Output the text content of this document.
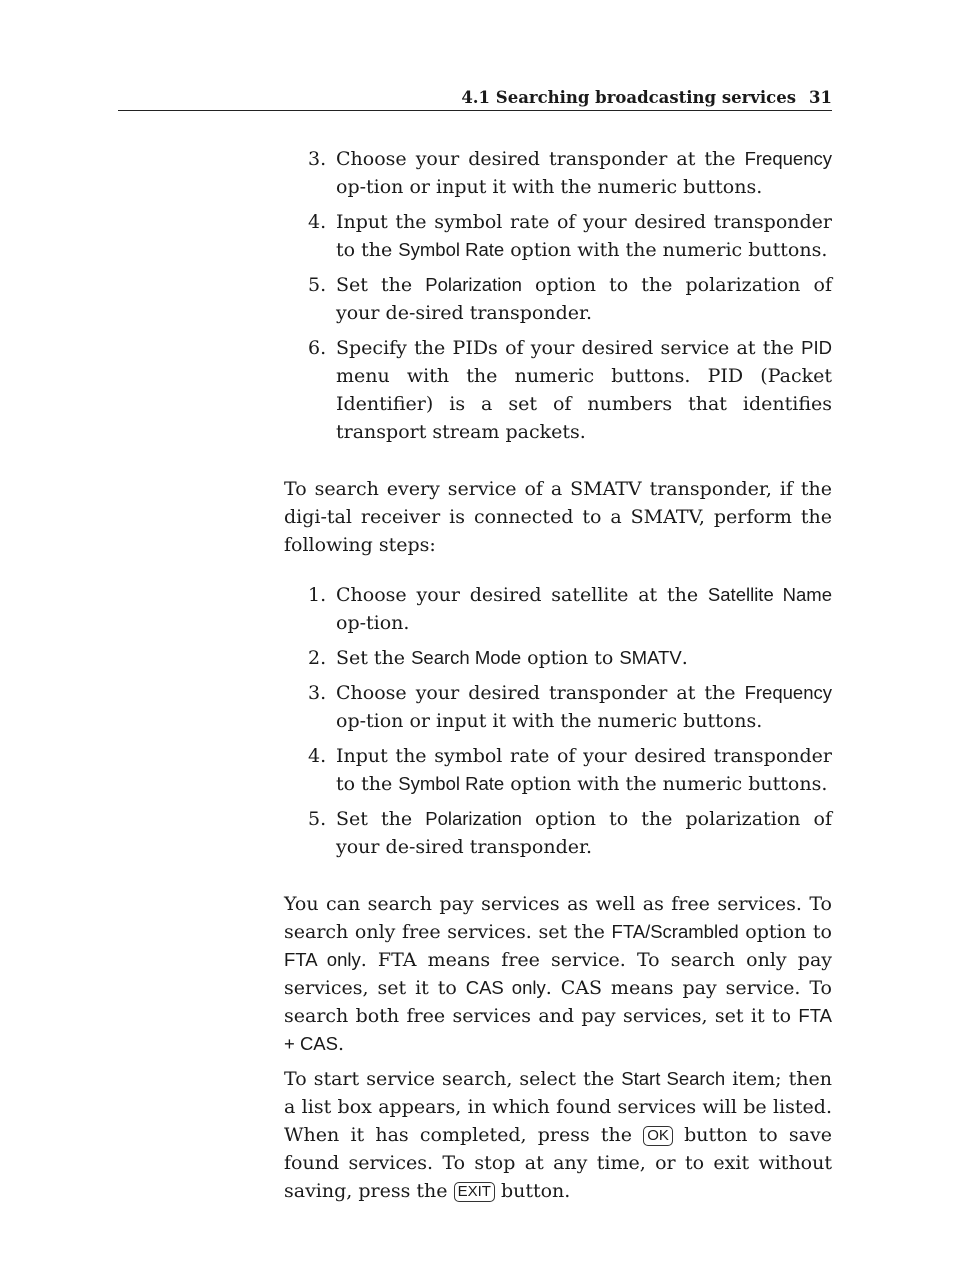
4.1 Searching broadcasting services 31
3. Choose your desired transponder at the Frequency op-tion or input it with the numeric buttons.
4. Input the symbol rate of your desired transponder to the Symbol Rate option with the numeric buttons.
5. Set the Polarization option to the polarization of your de-sired transponder.
6. Specify the PIDs of your desired service at the PID menu with the numeric buttons. PID (Packet Identifier) is a set of numbers that identifies transport stream packets.

To search every service of a SMATV transponder, if the digi-tal receiver is connected to a SMATV, perform the following steps:

1. Choose your desired satellite at the Satellite Name op-tion.
2. Set the Search Mode option to SMATV.
3. Choose your desired transponder at the Frequency op-tion or input it with the numeric buttons.
4. Input the symbol rate of your desired transponder to the Symbol Rate option with the numeric buttons.
5. Set the Polarization option to the polarization of your de-sired transponder.

You can search pay services as well as free services. To search only free services. set the FTA/Scrambled option to FTA only. FTA means free service. To search only pay services, set it to CAS only. CAS means pay service. To search both free services and pay services, set it to FTA + CAS.

To start service search, select the Start Search item; then a list box appears, in which found services will be listed. When it has completed, press the OK button to save found services. To stop at any time, or to exit without saving, press the EXIT button.
